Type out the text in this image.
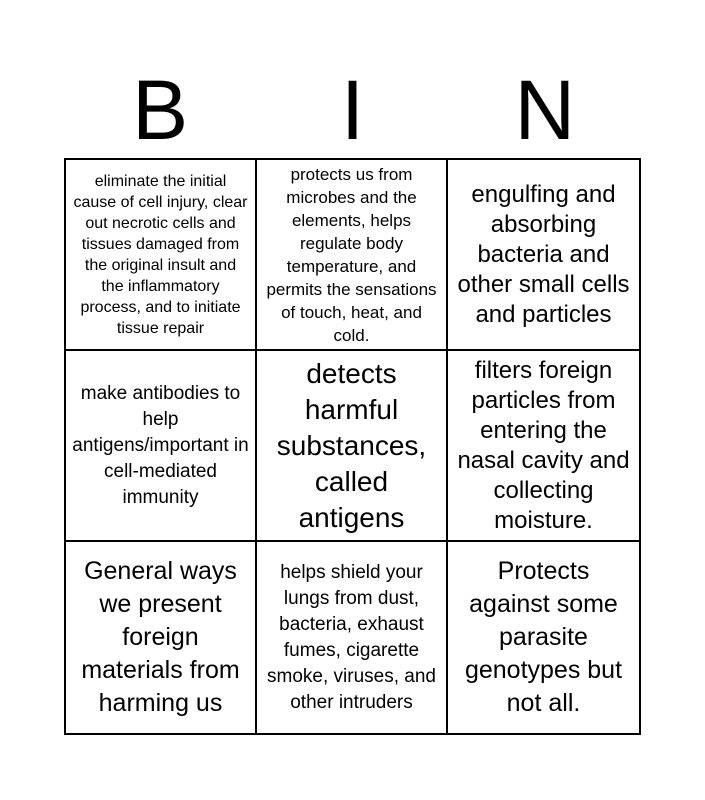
B	I	N
eliminate the initial cause of cell injury, clear out necrotic cells and tissues damaged from the original insult and the inflammatory process, and to initiate tissue repair
protects us from microbes and the elements, helps regulate body temperature, and permits the sensations of touch, heat, and cold.
engulfing and absorbing bacteria and other small cells and particles
make antibodies to help antigens/important in cell-mediated immunity
detects harmful substances, called antigens
filters foreign particles from entering the nasal cavity and collecting moisture.
General ways we present foreign materials from harming us
helps shield your lungs from dust, bacteria, exhaust fumes, cigarette smoke, viruses, and other intruders
Protects against some parasite genotypes but not all.
